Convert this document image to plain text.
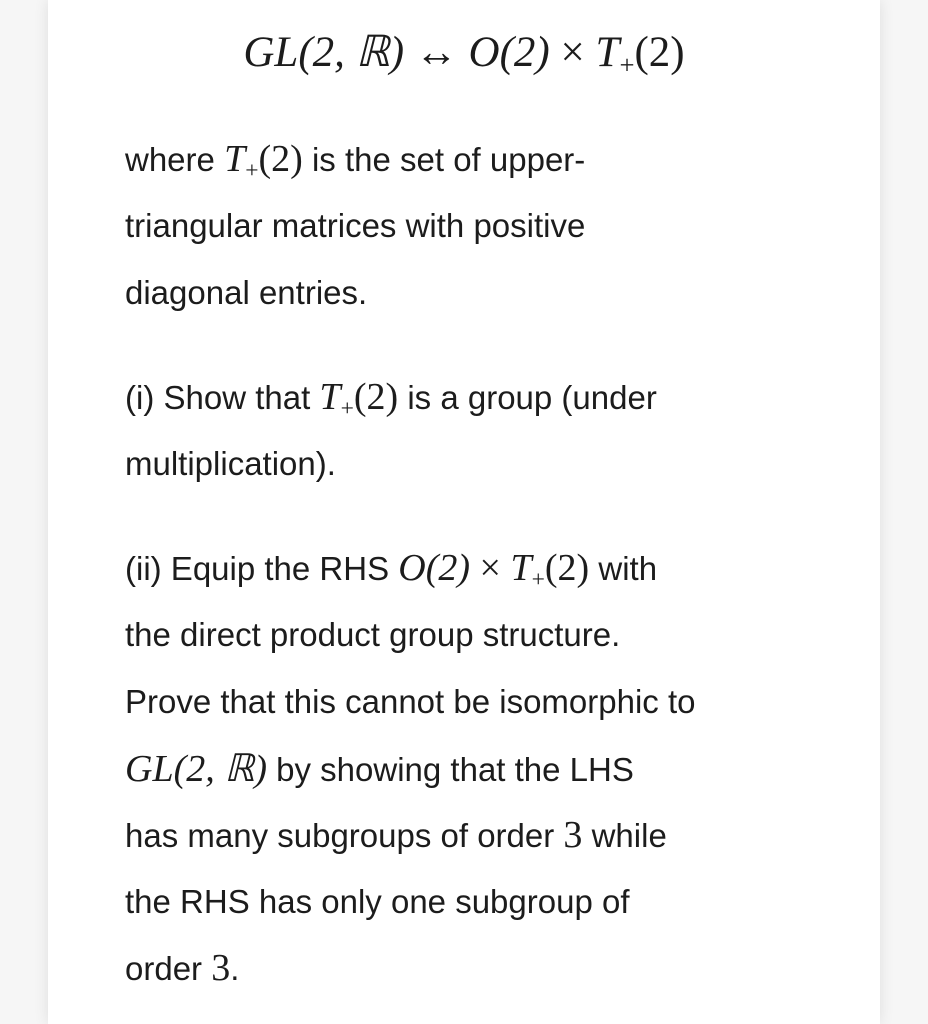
GL(2, ℝ) ↔ $O(2) \times T_+(2)$
where $T_+(2)$ is the set of upper-
triangular matrices with positive
diagonal entries.
(i) Show that $T_+(2)$ is a group (under
multiplication).
(ii) Equip the RHS $O(2) \times T_+(2)$ with
the direct product group structure.
Prove that this cannot be isomorphic to
GL(2, ℝ) by showing that the LHS
has many subgroups of order 3 while
the RHS has only one subgroup of
order 3.
